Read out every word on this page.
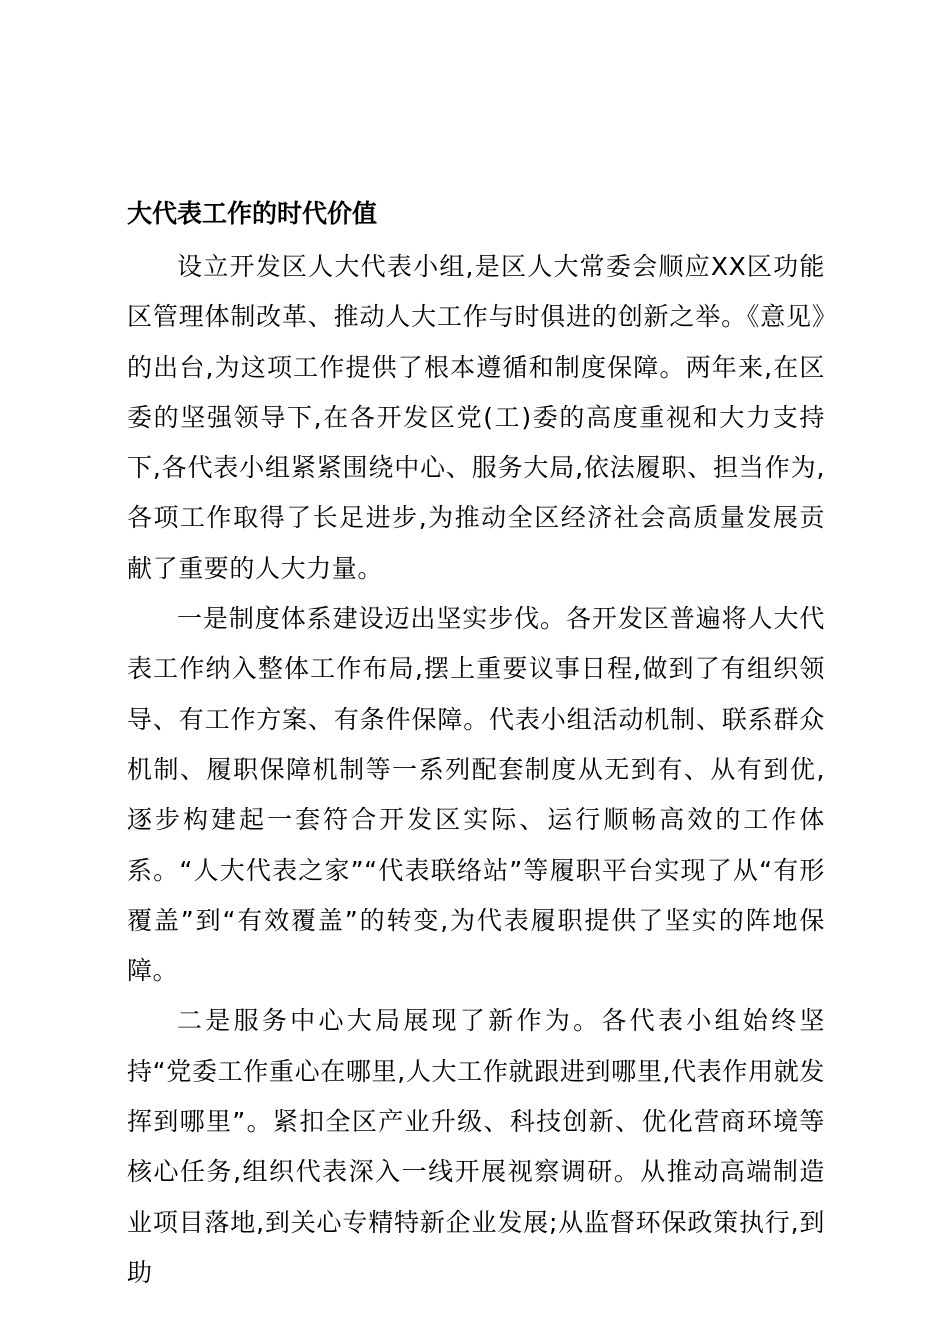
大代表工作的时代价值

设立开发区人大代表小组,是区人大常委会顺应XX区功能区管理体制改革、推动人大工作与时俱进的创新之举。《意见》的出台,为这项工作提供了根本遵循和制度保障。两年来,在区委的坚强领导下,在各开发区党(工)委的高度重视和大力支持下,各代表小组紧紧围绕中心、服务大局,依法履职、担当作为,各项工作取得了长足进步,为推动全区经济社会高质量发展贡献了重要的人大力量。

一是制度体系建设迈出坚实步伐。各开发区普遍将人大代表工作纳入整体工作布局,摆上重要议事日程,做到了有组织领导、有工作方案、有条件保障。代表小组活动机制、联系群众机制、履职保障机制等一系列配套制度从无到有、从有到优,逐步构建起一套符合开发区实际、运行顺畅高效的工作体系。“人大代表之家”“代表联络站”等履职平台实现了从“有形覆盖”到“有效覆盖”的转变,为代表履职提供了坚实的阵地保障。

二是服务中心大局展现了新作为。各代表小组始终坚持“党委工作重心在哪里,人大工作就跟进到哪里,代表作用就发挥到哪里”。紧扣全区产业升级、科技创新、优化营商环境等核心任务,组织代表深入一线开展视察调研。从推动高端制造业项目落地,到关心专精特新企业发展;从监督环保政策执行,到助
